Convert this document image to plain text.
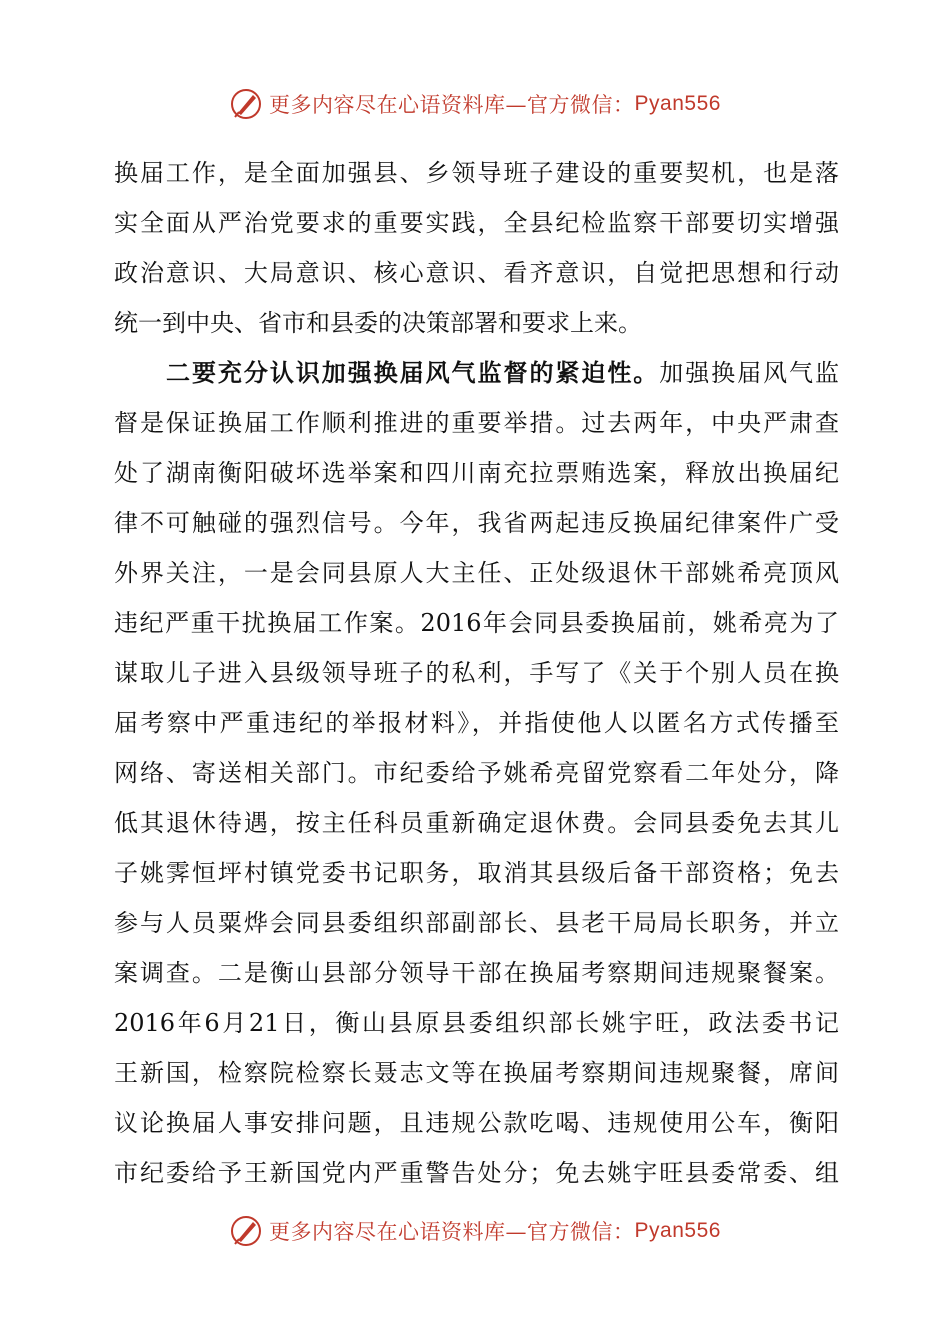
更多内容尽在心语资料库—官方微信： Pyan556
换届工作，是全面加强县、乡领导班子建设的重要契机，也是落
实全面从严治党要求的重要实践，全县纪检监察干部要切实增强
政治意识、大局意识、核心意识、看齐意识，自觉把思想和行动
统一到中央、省市和县委的决策部署和要求上来。
二要充分认识加强换届风气监督的紧迫性。加强换届风气监
督是保证换届工作顺利推进的重要举措。过去两年，中央严肃查
处了湖南衡阳破坏选举案和四川南充拉票贿选案，释放出换届纪
律不可触碰的强烈信号。今年，我省两起违反换届纪律案件广受
外界关注，一是会同县原人大主任、正处级退休干部姚希亮顶风
违纪严重干扰换届工作案。2016年会同县委换届前，姚希亮为了
谋取儿子进入县级领导班子的私利，手写了《关于个别人员在换
届考察中严重违纪的举报材料》，并指使他人以匿名方式传播至
网络、寄送相关部门。市纪委给予姚希亮留党察看二年处分，降
低其退休待遇，按主任科员重新确定退休费。会同县委免去其儿
子姚霁恒坪村镇党委书记职务，取消其县级后备干部资格；免去
参与人员粟烨会同县委组织部副部长、县老干局局长职务，并立
案调查。二是衡山县部分领导干部在换届考察期间违规聚餐案。
2016年6月21日，衡山县原县委组织部长姚宇旺，政法委书记
王新国，检察院检察长聂志文等在换届考察期间违规聚餐，席间
议论换届人事安排问题，且违规公款吃喝、违规使用公车，衡阳
市纪委给予王新国党内严重警告处分；免去姚宇旺县委常委、组
更多内容尽在心语资料库—官方微信： Pyan556
